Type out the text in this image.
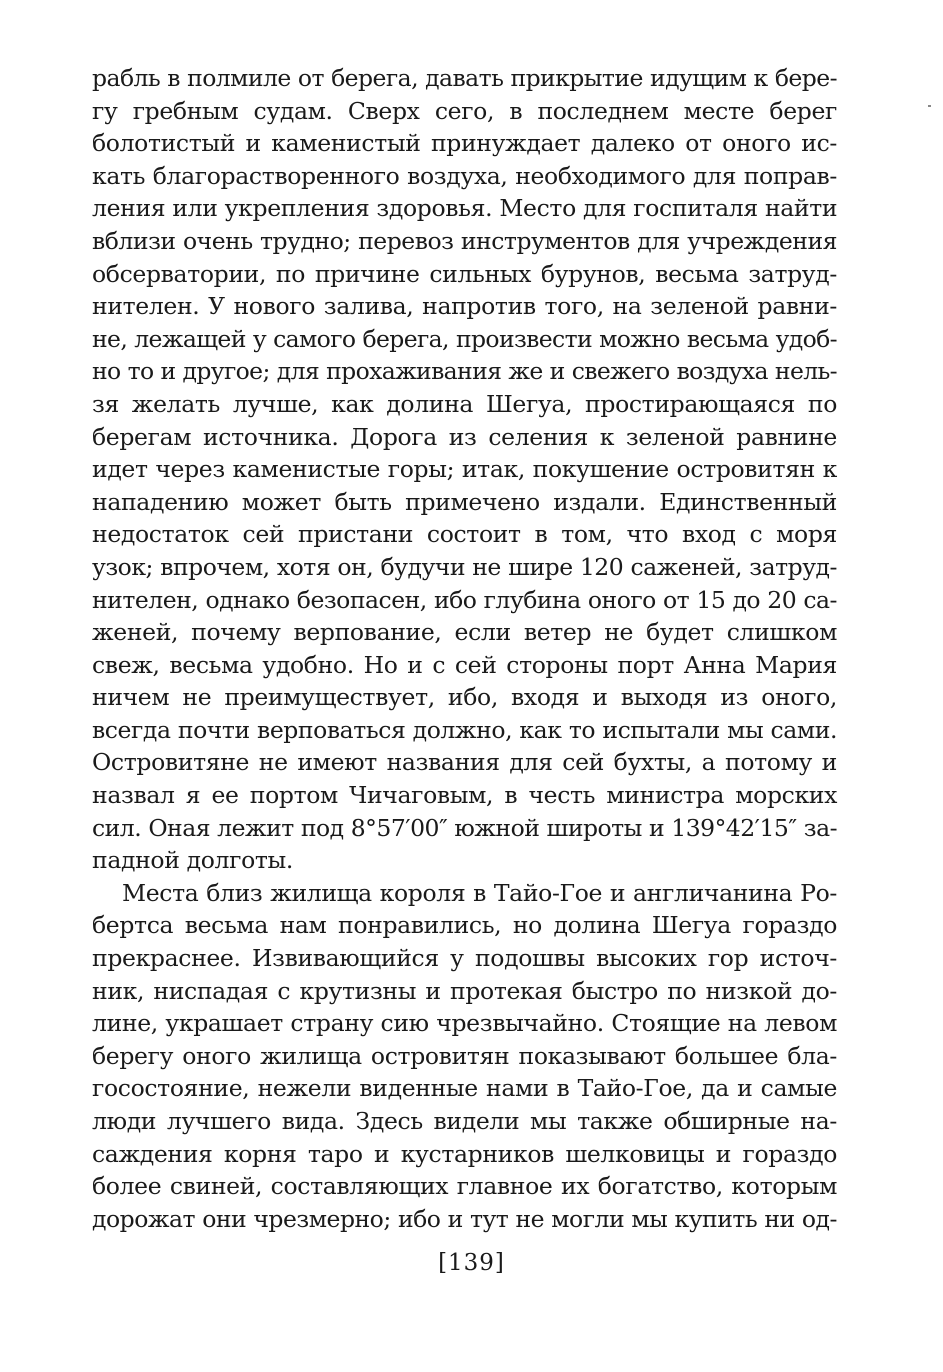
рабль в полмиле от берега, давать прикрытие идущим к бере-
гу гребным судам. Сверх сего, в последнем месте берег
болотистый и каменистый принуждает далеко от оного ис-
кать благорастворенного воздуха, необходимого для поправ-
ления или укрепления здоровья. Место для госпиталя найти
вблизи очень трудно; перевоз инструментов для учреждения
обсерватории, по причине сильных бурунов, весьма затруд-
нителен. У нового залива, напротив того, на зеленой равни-
не, лежащей у самого берега, произвести можно весьма удоб-
но то и другое; для прохаживания же и свежего воздуха нель-
зя желать лучше, как долина Шегуа, простирающаяся по
берегам источника. Дорога из селения к зеленой равнине
идет через каменистые горы; итак, покушение островитян к
нападению может быть примечено издали. Единственный
недостаток сей пристани состоит в том, что вход с моря
узок; впрочем, хотя он, будучи не шире 120 саженей, затруд-
нителен, однако безопасен, ибо глубина оного от 15 до 20 са-
женей, почему верпование, если ветер не будет слишком
свеж, весьма удобно. Но и с сей стороны порт Анна Мария
ничем не преимуществует, ибо, входя и выходя из оного,
всегда почти верповаться должно, как то испытали мы сами.
Островитяне не имеют названия для сей бухты, а потому и
назвал я ее портом Чичаговым, в честь министра морских
сил. Оная лежит под 8°57′00″ южной широты и 139°42′15″ за-
падной долготы.
Места близ жилища короля в Тайо-Гое и англичанина Ро-
бертса весьма нам понравились, но долина Шегуа гораздо
прекраснее. Извивающийся у подошвы высоких гор источ-
ник, ниспадая с крутизны и протекая быстро по низкой до-
лине, украшает страну сию чрезвычайно. Стоящие на левом
берегу оного жилища островитян показывают большее бла-
госостояние, нежели виденные нами в Тайо-Гое, да и самые
люди лучшего вида. Здесь видели мы также обширные на-
саждения корня таро и кустарников шелковицы и гораздо
более свиней, составляющих главное их богатство, которым
дорожат они чрезмерно; ибо и тут не могли мы купить ни од-
[139]
